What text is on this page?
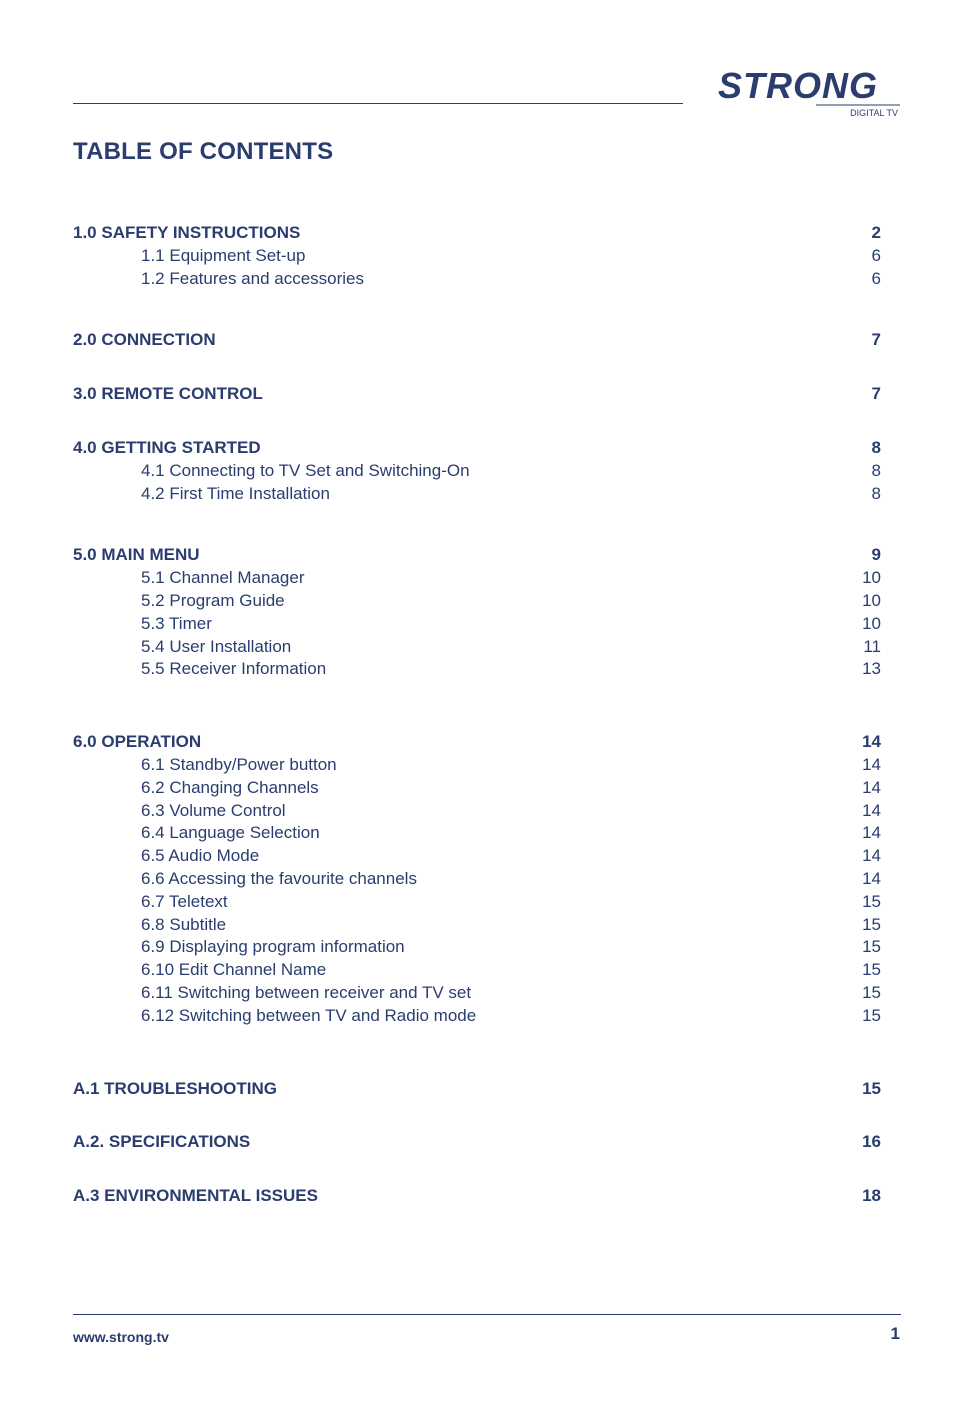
STRONG
DIGITAL TV
TABLE OF CONTENTS
1.0 SAFETY INSTRUCTIONS	2
1.1 Equipment Set-up	6
1.2 Features and accessories	6
2.0 CONNECTION	7
3.0 REMOTE CONTROL	7
4.0 GETTING STARTED	8
4.1 Connecting to TV Set and Switching-On	8
4.2 First Time Installation	8
5.0 MAIN MENU	9
5.1 Channel Manager	10
5.2 Program Guide	10
5.3 Timer	10
5.4 User Installation	11
5.5 Receiver Information	13
6.0 OPERATION	14
6.1 Standby/Power button	14
6.2 Changing Channels	14
6.3 Volume Control	14
6.4 Language Selection	14
6.5 Audio Mode	14
6.6 Accessing the favourite channels	14
6.7 Teletext	15
6.8 Subtitle	15
6.9 Displaying program information	15
6.10 Edit Channel Name	15
6.11 Switching between receiver and TV set	15
6.12 Switching between TV and Radio mode	15
A.1 TROUBLESHOOTING	15
A.2. SPECIFICATIONS	16
A.3 ENVIRONMENTAL ISSUES	18
www.strong.tv	1
